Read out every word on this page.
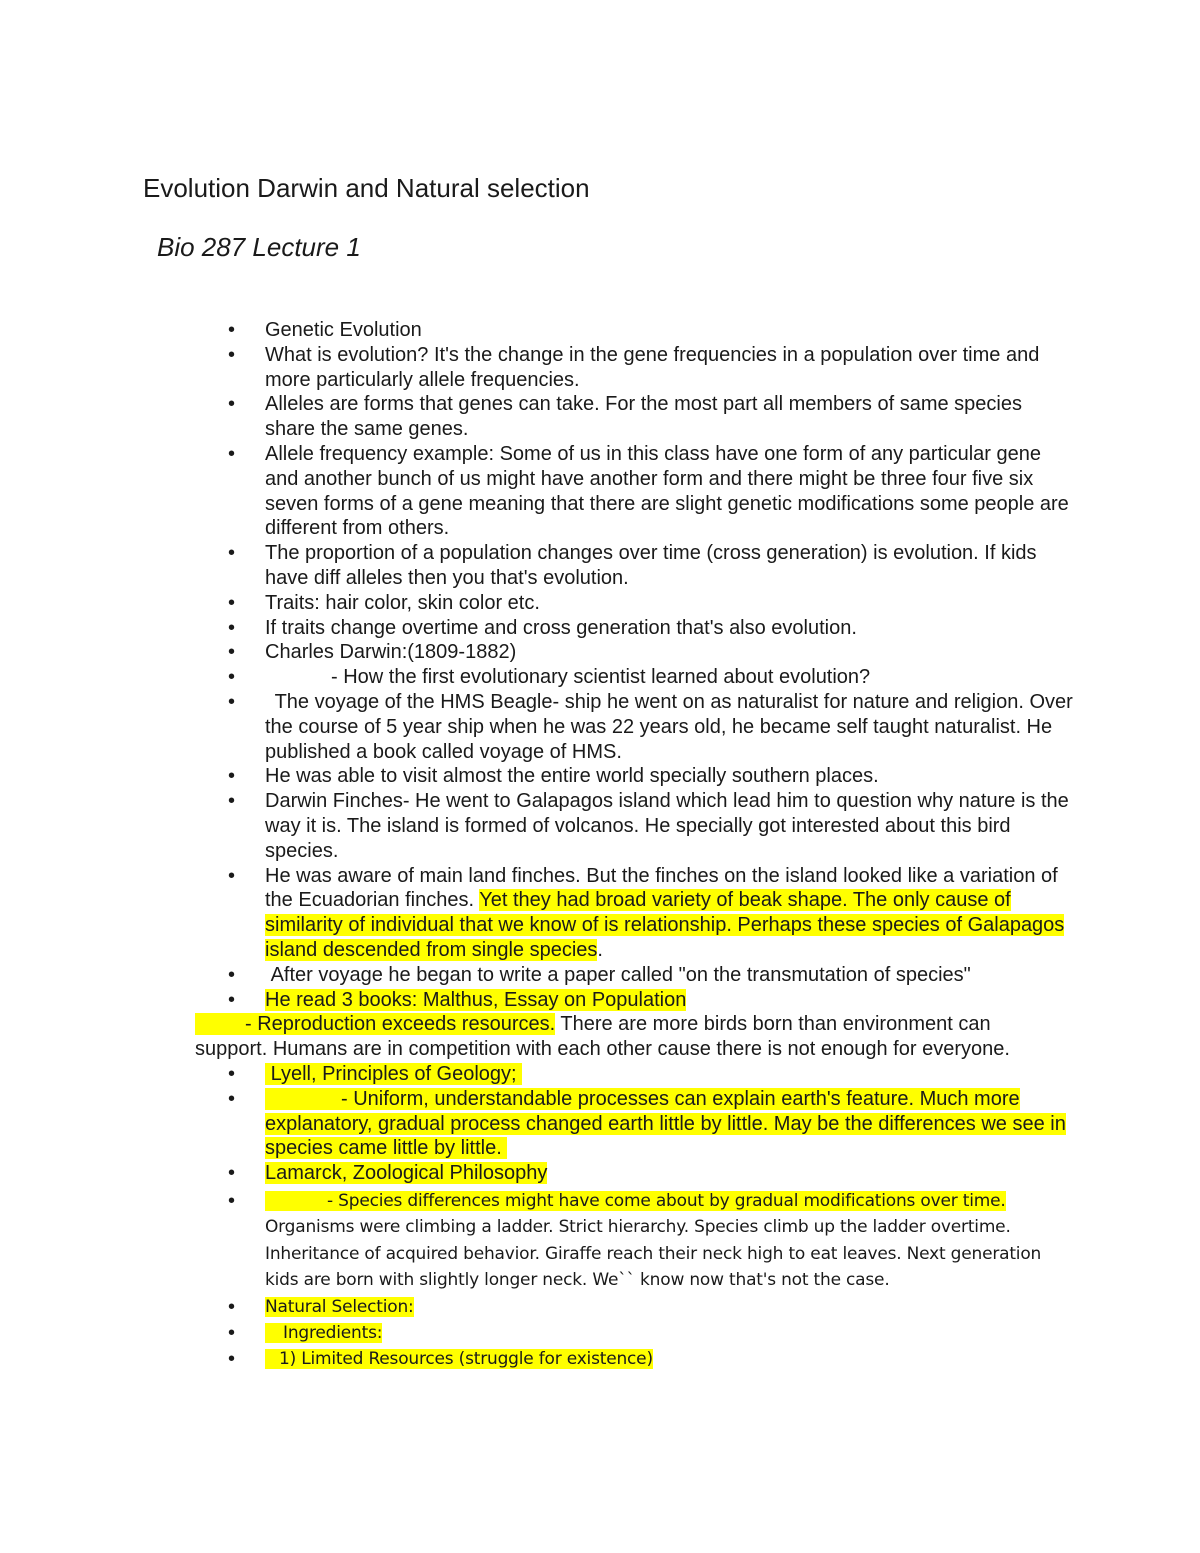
Evolution Darwin and Natural selection
Bio 287 Lecture 1
• Genetic Evolution
• What is evolution? It's the change in the gene frequencies in a population over time and more particularly allele frequencies.
• Alleles are forms that genes can take. For the most part all members of same species share the same genes.
• Allele frequency example: Some of us in this class have one form of any particular gene and another bunch of us might have another form and there might be three four five six seven forms of a gene meaning that there are slight genetic modifications some people are different from others.
• The proportion of a population changes over time (cross generation) is evolution. If kids have diff alleles then you that's evolution.
• Traits: hair color, skin color etc.
• If traits change overtime and cross generation that's also evolution.
• Charles Darwin:(1809-1882)
•	- How the first evolutionary scientist learned about evolution?
•	The voyage of the HMS Beagle- ship he went on as naturalist for nature and religion. Over the course of 5 year ship when he was 22 years old, he became self taught naturalist. He published a book called voyage of HMS.
• He was able to visit almost the entire world specially southern places.
• Darwin Finches- He went to Galapagos island which lead him to question why nature is the way it is. The island is formed of volcanos. He specially got interested about this bird species.
• He was aware of main land finches. But the finches on the island looked like a variation of the Ecuadorian finches. Yet they had broad variety of beak shape. The only cause of similarity of individual that we know of is relationship. Perhaps these species of Galapagos island descended from single species.
• After voyage he began to write a paper called "on the transmutation of species"
• He read 3 books: Malthus, Essay on Population

- Reproduction exceeds resources. There are more birds born than environment can support. Humans are in competition with each other cause there is not enough for everyone.

• Lyell, Principles of Geology;
•	- Uniform, understandable processes can explain earth's feature. Much more explanatory, gradual process changed earth little by little. May be the differences we see in species came little by little.
• Lamarck, Zoological Philosophy
•	- Species differences might have come about by gradual modifications over time.

Organisms were climbing a ladder. Strict hierarchy. Species climb up the ladder overtime. Inheritance of acquired behavior. Giraffe reach their neck high to eat leaves. Next generation kids are born with slightly longer neck. We`` know now that's not the case.

• Natural Selection:
•	Ingredients:
•	1) Limited Resources (struggle for existence)
